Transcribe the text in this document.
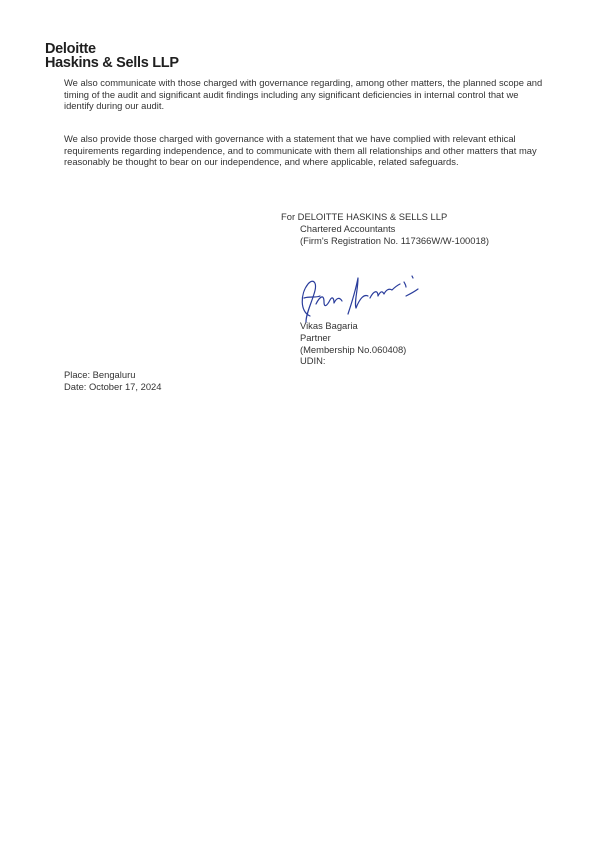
Deloitte
Haskins & Sells LLP

We also communicate with those charged with governance regarding, among other matters, the planned scope and timing of the audit and significant audit findings including any significant deficiencies in internal control that we identify during our audit.

We also provide those charged with governance with a statement that we have complied with relevant ethical requirements regarding independence, and to communicate with them all relationships and other matters that may reasonably be thought to bear on our independence, and where applicable, related safeguards.

For DELOITTE HASKINS & SELLS LLP
Chartered Accountants
(Firm's Registration No. 117366W/W-100018)
Vikas Bagaria
Partner
(Membership No.060408)
UDIN:
Place: Bengaluru
Date: October 17, 2024
